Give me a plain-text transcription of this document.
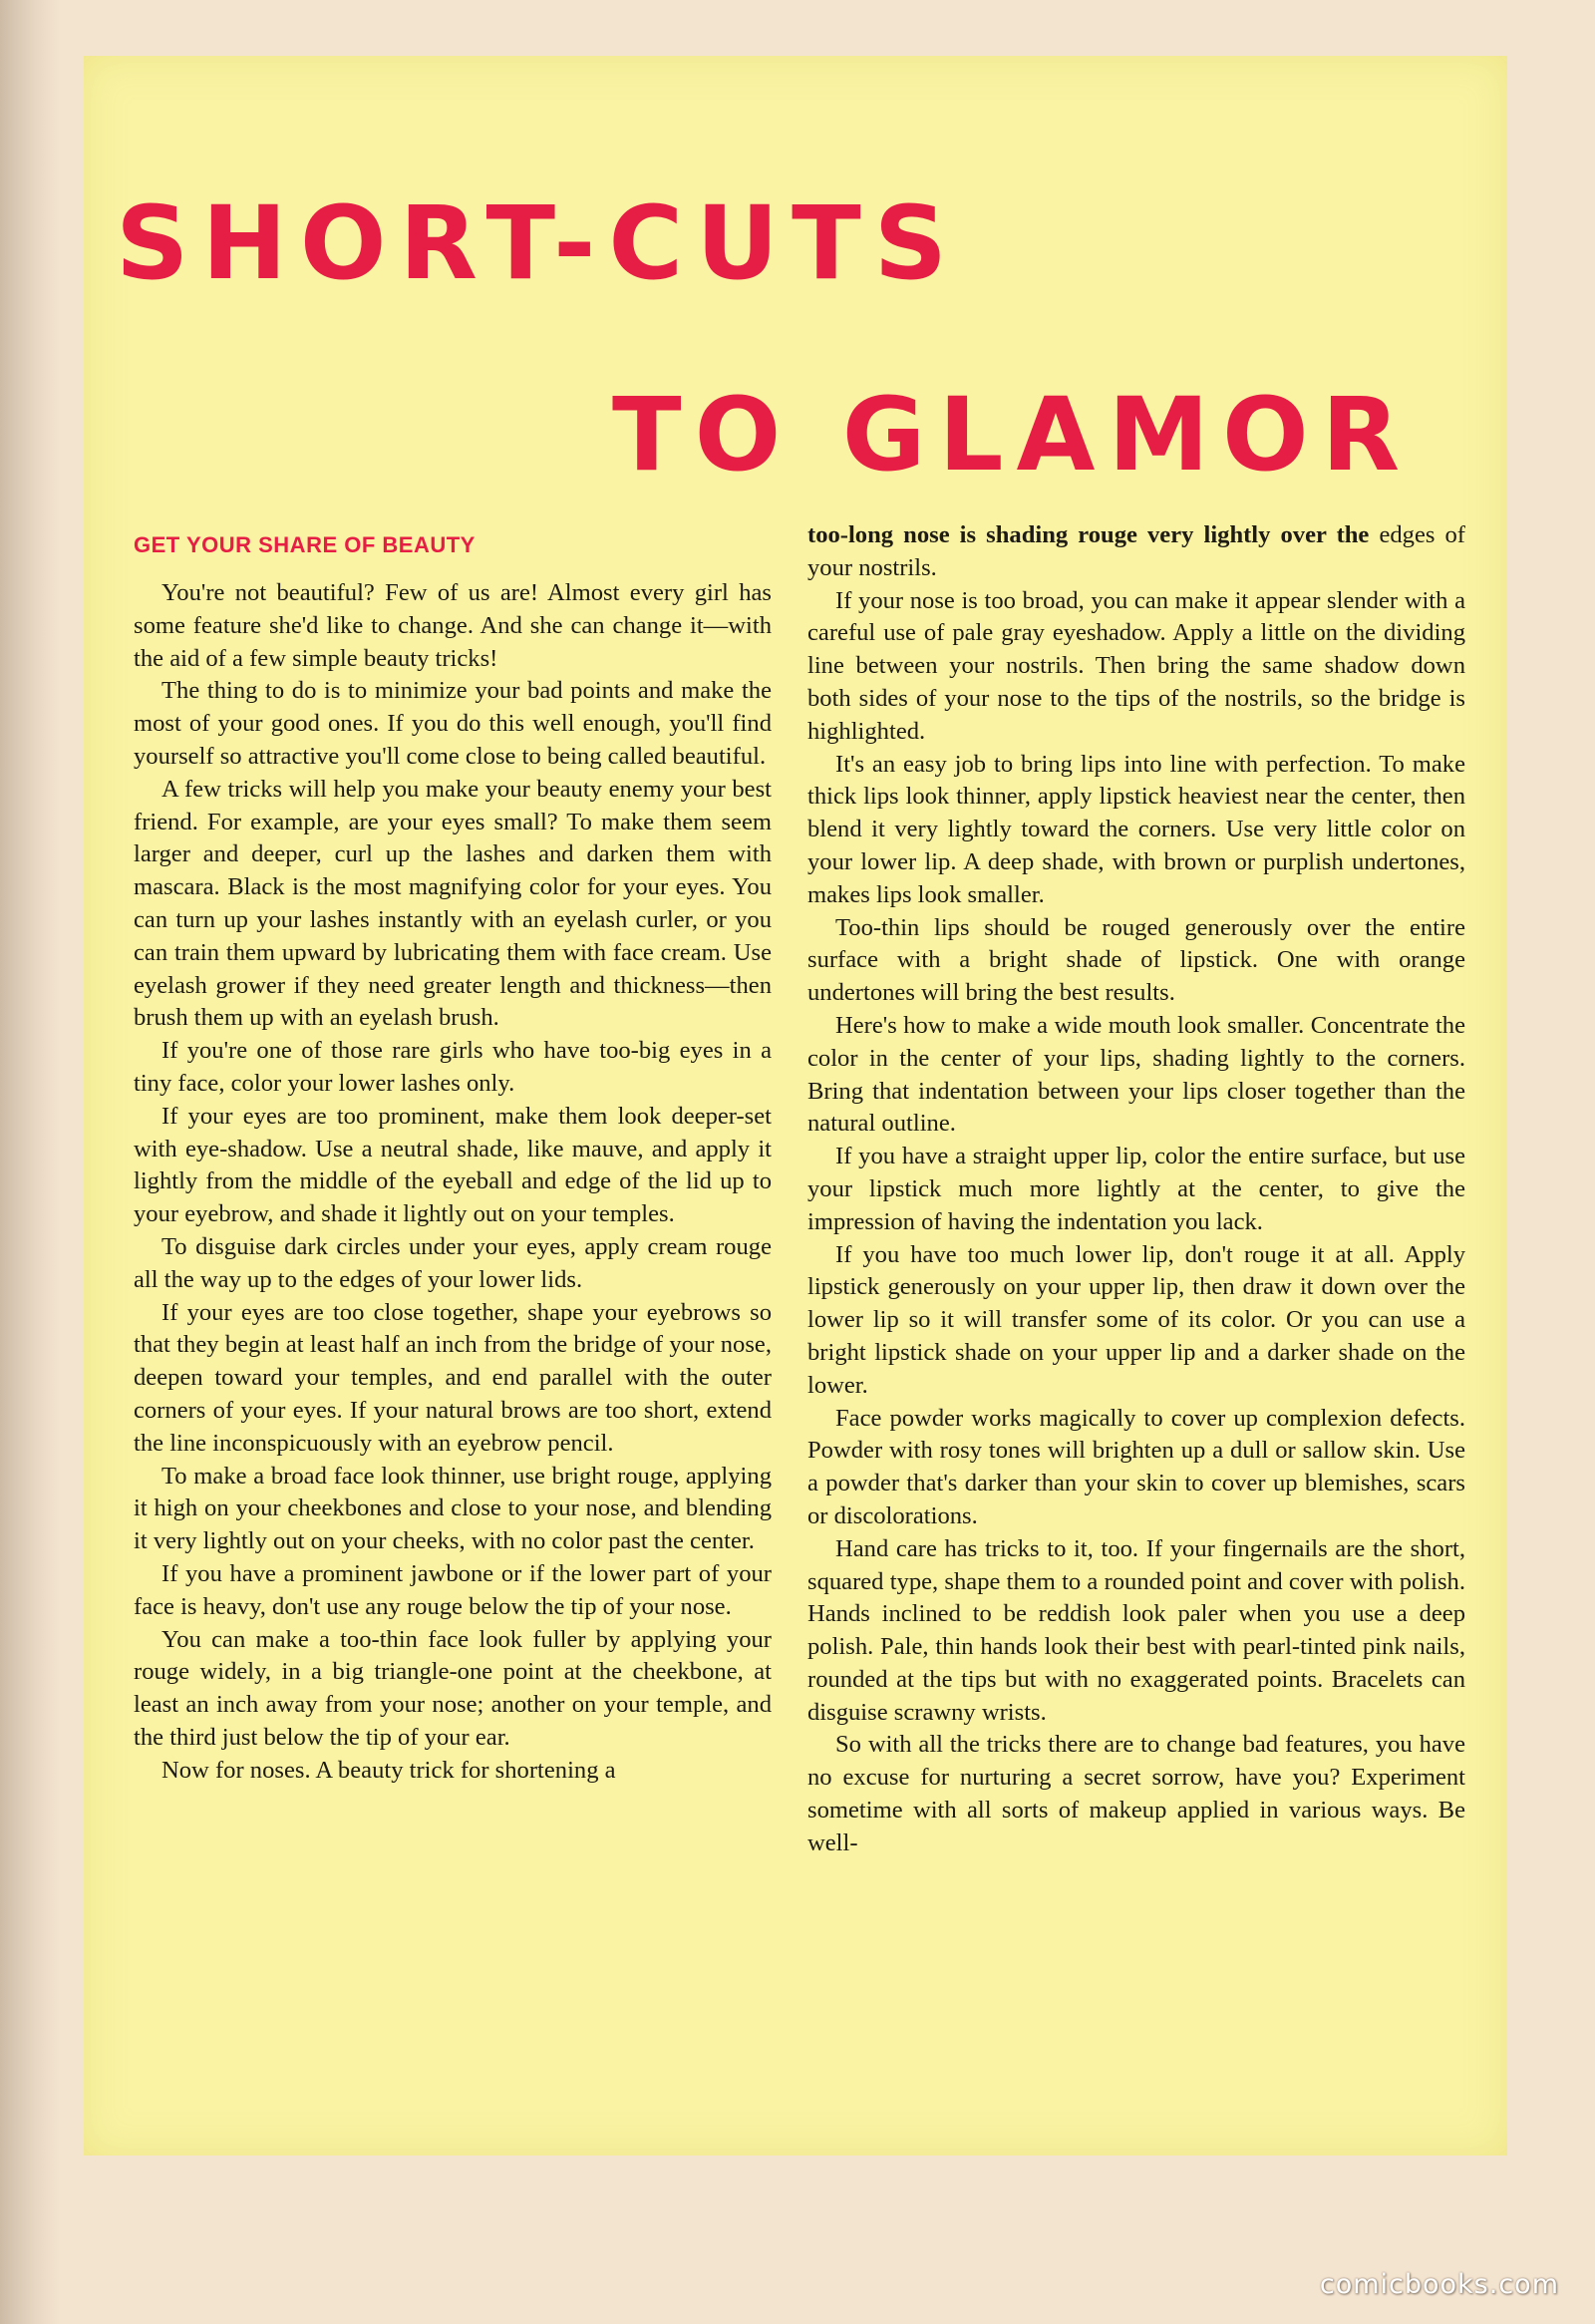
SHORT-CUTS
TO GLAMOR
GET YOUR SHARE OF BEAUTY

You're not beautiful? Few of us are! Almost every girl has some feature she'd like to change. And she can change it—with the aid of a few simple beauty tricks!

The thing to do is to minimize your bad points and make the most of your good ones. If you do this well enough, you'll find yourself so attractive you'll come close to being called beautiful.

A few tricks will help you make your beauty enemy your best friend. For example, are your eyes small? To make them seem larger and deeper, curl up the lashes and darken them with mascara. Black is the most magnifying color for your eyes. You can turn up your lashes instantly with an eyelash curler, or you can train them upward by lubricating them with face cream. Use eyelash grower if they need greater length and thickness—then brush them up with an eyelash brush.

If you're one of those rare girls who have too-big eyes in a tiny face, color your lower lashes only.

If your eyes are too prominent, make them look deeper-set with eye-shadow. Use a neutral shade, like mauve, and apply it lightly from the middle of the eyeball and edge of the lid up to your eyebrow, and shade it lightly out on your temples.

To disguise dark circles under your eyes, apply cream rouge all the way up to the edges of your lower lids.

If your eyes are too close together, shape your eyebrows so that they begin at least half an inch from the bridge of your nose, deepen toward your temples, and end parallel with the outer corners of your eyes. If your natural brows are too short, extend the line inconspicuously with an eyebrow pencil.

To make a broad face look thinner, use bright rouge, applying it high on your cheekbones and close to your nose, and blending it very lightly out on your cheeks, with no color past the center.

If you have a prominent jawbone or if the lower part of your face is heavy, don't use any rouge below the tip of your nose.

You can make a too-thin face look fuller by applying your rouge widely, in a big triangle-one point at the cheekbone, at least an inch away from your nose; another on your temple, and the third just below the tip of your ear.

Now for noses. A beauty trick for shortening a

too-long nose is shading rouge very lightly over the edges of your nostrils.

If your nose is too broad, you can make it appear slender with a careful use of pale gray eyeshadow. Apply a little on the dividing line between your nostrils. Then bring the same shadow down both sides of your nose to the tips of the nostrils, so the bridge is highlighted.

It's an easy job to bring lips into line with perfection. To make thick lips look thinner, apply lipstick heaviest near the center, then blend it very lightly toward the corners. Use very little color on your lower lip. A deep shade, with brown or purplish undertones, makes lips look smaller.

Too-thin lips should be rouged generously over the entire surface with a bright shade of lipstick. One with orange undertones will bring the best results.

Here's how to make a wide mouth look smaller. Concentrate the color in the center of your lips, shading lightly to the corners. Bring that indentation between your lips closer together than the natural outline.

If you have a straight upper lip, color the entire surface, but use your lipstick much more lightly at the center, to give the impression of having the indentation you lack.

If you have too much lower lip, don't rouge it at all. Apply lipstick generously on your upper lip, then draw it down over the lower lip so it will transfer some of its color. Or you can use a bright lipstick shade on your upper lip and a darker shade on the lower.

Face powder works magically to cover up complexion defects. Powder with rosy tones will brighten up a dull or sallow skin. Use a powder that's darker than your skin to cover up blemishes, scars or discolorations.

Hand care has tricks to it, too. If your fingernails are the short, squared type, shape them to a rounded point and cover with polish. Hands inclined to be reddish look paler when you use a deep polish. Pale, thin hands look their best with pearl-tinted pink nails, rounded at the tips but with no exaggerated points. Bracelets can disguise scrawny wrists.

So with all the tricks there are to change bad features, you have no excuse for nurturing a secret sorrow, have you? Experiment sometime with all sorts of makeup applied in various ways. Be well-

comicbooks.com
